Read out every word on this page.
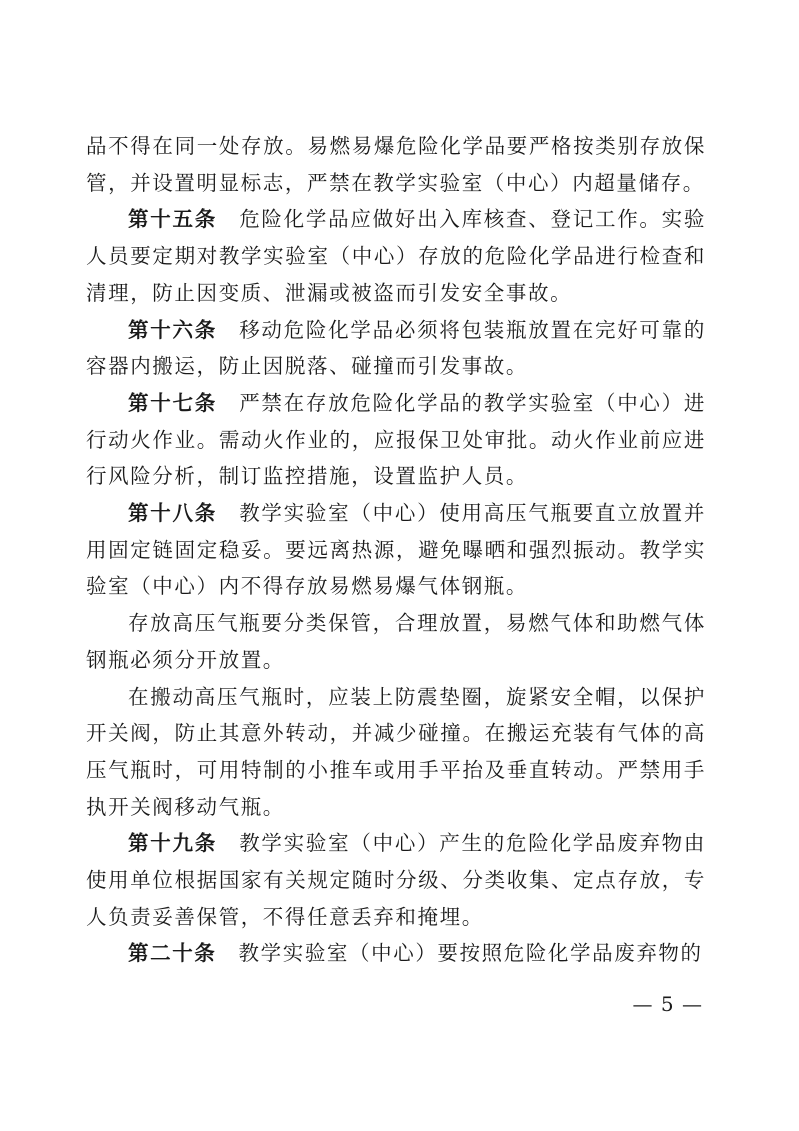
品不得在同一处存放。易燃易爆危险化学品要严格按类别存放保管，并设置明显标志，严禁在教学实验室（中心）内超量储存。

第十五条  危险化学品应做好出入库核查、登记工作。实验人员要定期对教学实验室（中心）存放的危险化学品进行检查和清理，防止因变质、泄漏或被盗而引发安全事故。

第十六条  移动危险化学品必须将包装瓶放置在完好可靠的容器内搬运，防止因脱落、碰撞而引发事故。

第十七条  严禁在存放危险化学品的教学实验室（中心）进行动火作业。需动火作业的，应报保卫处审批。动火作业前应进行风险分析，制订监控措施，设置监护人员。

第十八条  教学实验室（中心）使用高压气瓶要直立放置并用固定链固定稳妥。要远离热源，避免曝晒和强烈振动。教学实验室（中心）内不得存放易燃易爆气体钢瓶。

存放高压气瓶要分类保管，合理放置，易燃气体和助燃气体钢瓶必须分开放置。

在搬动高压气瓶时，应装上防震垫圈，旋紧安全帽，以保护开关阀，防止其意外转动，并减少碰撞。在搬运充装有气体的高压气瓶时，可用特制的小推车或用手平抬及垂直转动。严禁用手执开关阀移动气瓶。

第十九条  教学实验室（中心）产生的危险化学品废弃物由使用单位根据国家有关规定随时分级、分类收集、定点存放，专人负责妥善保管，不得任意丢弃和掩埋。

第二十条  教学实验室（中心）要按照危险化学品废弃物的

— 5 —
